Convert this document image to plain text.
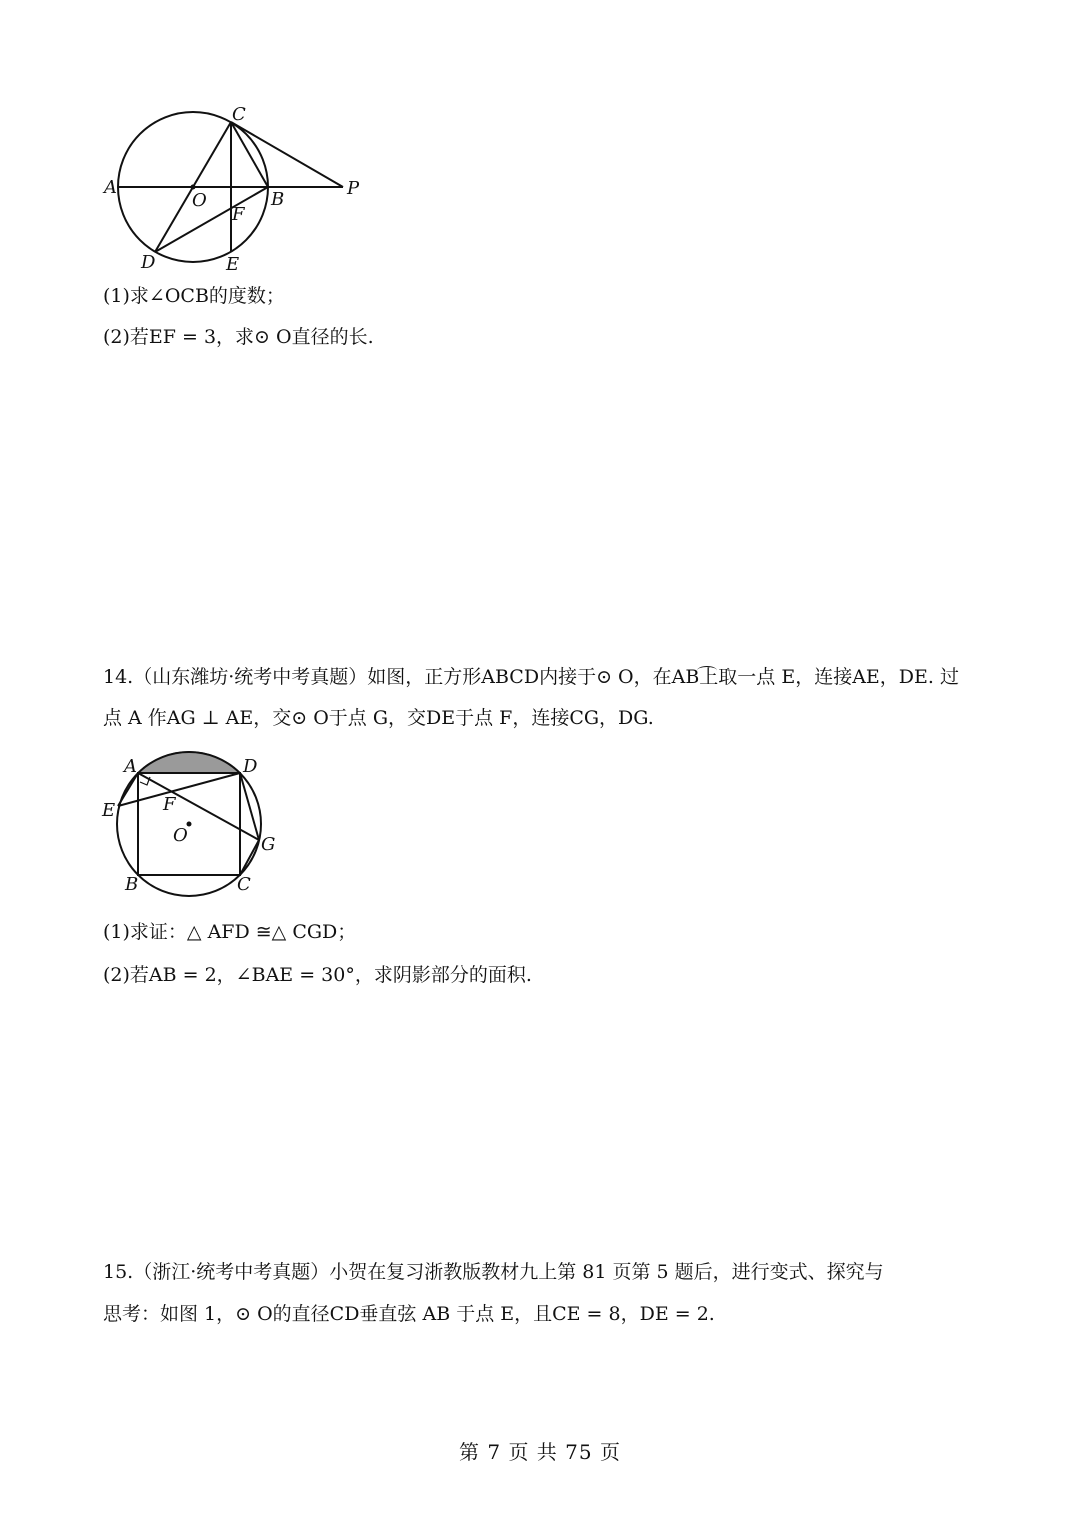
A
C
O	B
P
F
D	E
(1)求∠OCB的度数；
(2)若EF = 3，求⊙ O直径的长.
14.（山东潍坊·统考中考真题）如图，正方形ABCD内接于⊙ O，在AB上取一点 E，连接AE，DE. 过
点 A 作AG ⊥ AE，交⊙ O于点 G，交DE于点 F，连接CG，DG.
A	D
E	F
O	G
B	C
(1)求证：△ AFD ≅△ CGD；
(2)若AB = 2，∠BAE = 30°，求阴影部分的面积.
15.（浙江·统考中考真题）小贺在复习浙教版教材九上第 81 页第 5 题后，进行变式、探究与
思考：如图 1，⊙ O的直径CD垂直弦 AB 于点 E，且CE = 8，DE = 2.
第 7 页 共 75 页
